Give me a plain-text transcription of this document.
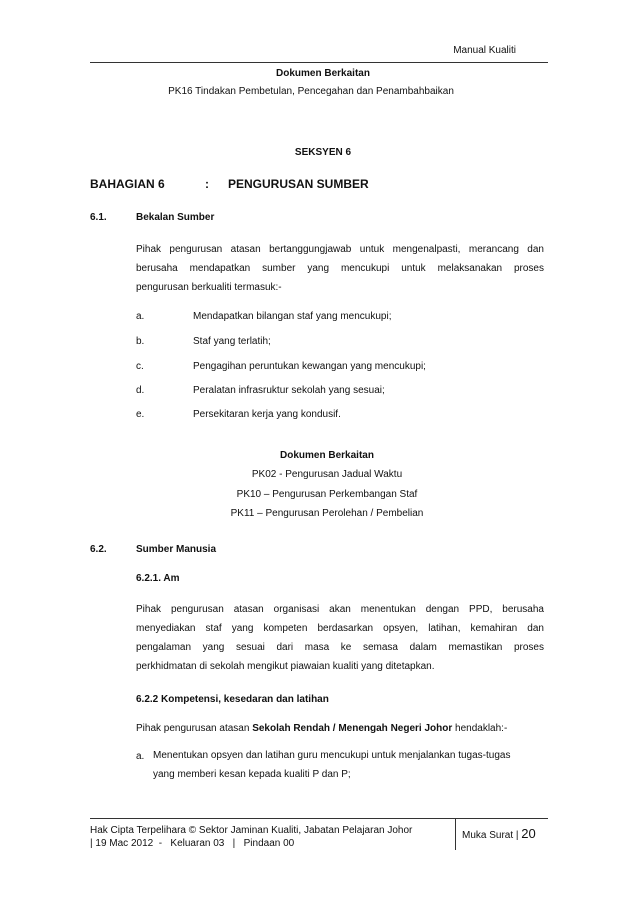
Manual Kualiti
Dokumen Berkaitan
PK16 Tindakan Pembetulan, Pencegahan dan Penambahbaikan
SEKSYEN 6
BAHAGIAN 6	: PENGURUSAN SUMBER
6.1.	Bekalan Sumber
Pihak pengurusan atasan bertanggungjawab untuk mengenalpasti, merancang dan
berusaha mendapatkan sumber yang mencukupi untuk melaksanakan proses
pengurusan berkualiti termasuk:-
a.	Mendapatkan bilangan staf yang mencukupi;
b.	Staf yang terlatih;
c.	Pengagihan peruntukan kewangan yang mencukupi;
d.	Peralatan infrasruktur sekolah yang sesuai;
e.	Persekitaran kerja yang kondusif.
Dokumen Berkaitan
PK02 - Pengurusan Jadual Waktu
PK10 – Pengurusan Perkembangan Staf
PK11 – Pengurusan Perolehan / Pembelian
6.2.	Sumber Manusia
6.2.1. Am
Pihak pengurusan atasan organisasi akan menentukan dengan PPD, berusaha
menyediakan staf yang kompeten berdasarkan opsyen, latihan, kemahiran dan
pengalaman yang sesuai dari masa ke semasa dalam memastikan proses
perkhidmatan di sekolah mengikut piawaian kualiti yang ditetapkan.
6.2.2 Kompetensi, kesedaran dan latihan
Pihak pengurusan atasan Sekolah Rendah / Menengah Negeri Johor hendaklah:-
a. Menentukan opsyen dan latihan guru mencukupi untuk menjalankan tugas-tugas
yang memberi kesan kepada kualiti P dan P;
Hak Cipta Terpelihara © Sektor Jaminan Kualiti, Jabatan Pelajaran Johor
| 19 Mac 2012  -   Keluaran 03   |   Pindaan 00
Muka Surat | 20
